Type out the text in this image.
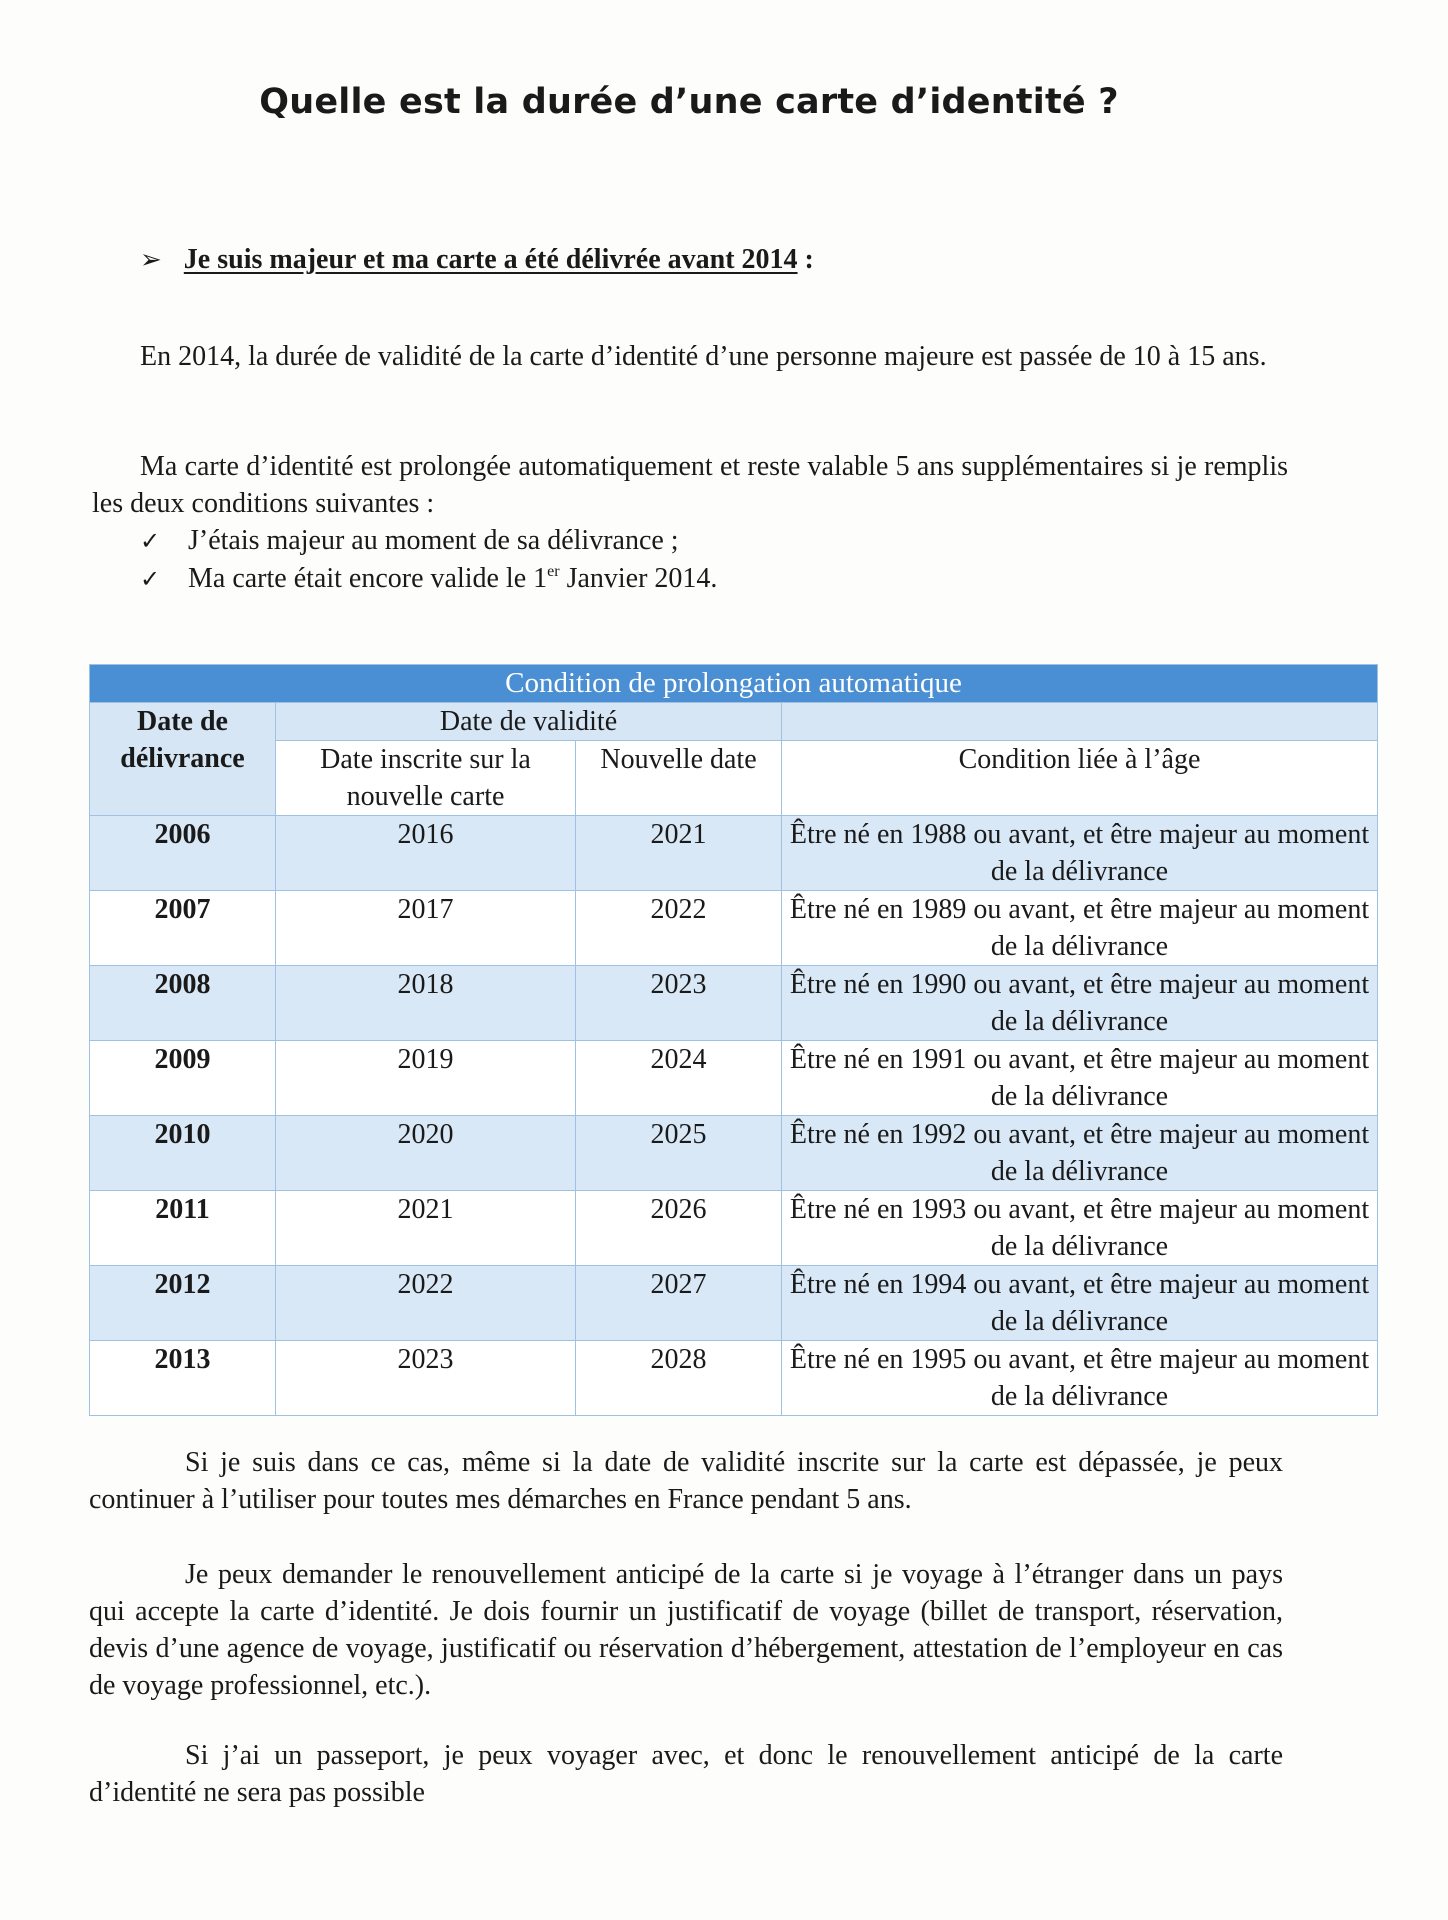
Quelle est la durée d’une carte d’identité ?
➢ Je suis majeur et ma carte a été délivrée avant 2014 :
En 2014, la durée de validité de la carte d’identité d’une personne majeure est passée de 10 à 15 ans.
Ma carte d’identité est prolongée automatiquement et reste valable 5 ans supplémentaires si je remplis les deux conditions suivantes :
✓ J’étais majeur au moment de sa délivrance ;
✓ Ma carte était encore valide le 1er Janvier 2014.
Condition de prolongation automatique			
Date de délivrance	Date de validité		
	Date inscrite sur la nouvelle carte	Nouvelle date	Condition liée à l’âge
2006	2016	2021	Être né en 1988 ou avant, et être majeur au moment de la délivrance
2007	2017	2022	Être né en 1989 ou avant, et être majeur au moment de la délivrance
2008	2018	2023	Être né en 1990 ou avant, et être majeur au moment de la délivrance
2009	2019	2024	Être né en 1991 ou avant, et être majeur au moment de la délivrance
2010	2020	2025	Être né en 1992 ou avant, et être majeur au moment de la délivrance
2011	2021	2026	Être né en 1993 ou avant, et être majeur au moment de la délivrance
2012	2022	2027	Être né en 1994 ou avant, et être majeur au moment de la délivrance
2013	2023	2028	Être né en 1995 ou avant, et être majeur au moment de la délivrance
Si je suis dans ce cas, même si la date de validité inscrite sur la carte est dépassée, je peux continuer à l’utiliser pour toutes mes démarches en France pendant 5 ans.
Je peux demander le renouvellement anticipé de la carte si je voyage à l’étranger dans un pays qui accepte la carte d’identité. Je dois fournir un justificatif de voyage (billet de transport, réservation, devis d’une agence de voyage, justificatif ou réservation d’hébergement, attestation de l’employeur en cas de voyage professionnel, etc.).
Si j’ai un passeport, je peux voyager avec, et donc le renouvellement anticipé de la carte d’identité ne sera pas possible
